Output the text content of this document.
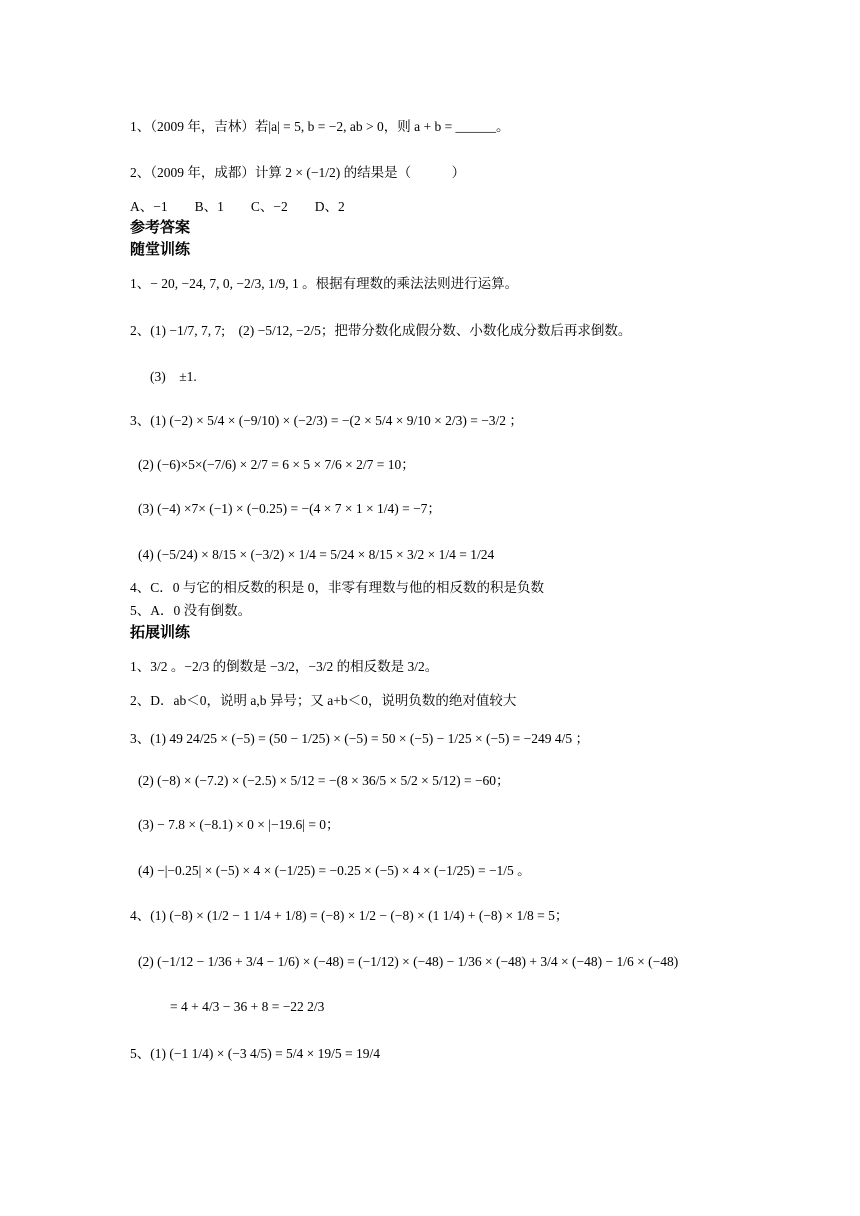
1、（2009 年，吉林）若|a| = 5, b = −2, ab > 0，则 a + b = ______。
2、（2009 年，成都）计算 2 × (−1/2) 的结果是（　　　）
A、−1　　B、1　　C、−2　　D、2
参考答案
随堂训练
1、− 20, −24, 7, 0, −2/3, 1/9, 1 。根据有理数的乘法法则进行运算。
2、(1) −1/7, 7, 7;　(2) −5/12, −2/5；把带分数化成假分数、小数化成分数后再求倒数。
(3)　±1.
3、(1) (−2) × 5/4 × (−9/10) × (−2/3) = −(2 × 5/4 × 9/10 × 2/3) = −3/2 ；
(2) (−6)×5×(−7/6) × 2/7 = 6 × 5 × 7/6 × 2/7 = 10；
(3) (−4) ×7× (−1) × (−0.25) = −(4 × 7 × 1 × 1/4) = −7；
(4) (−5/24) × 8/15 × (−3/2) × 1/4 = 5/24 × 8/15 × 3/2 × 1/4 = 1/24
4、C．0 与它的相反数的积是 0，非零有理数与他的相反数的积是负数
5、A．0 没有倒数。
拓展训练
1、3/2 。−2/3 的倒数是 −3/2，−3/2 的相反数是 3/2。
2、D．ab＜0，说明 a,b 异号；又 a+b＜0，说明负数的绝对值较大
3、(1) 49 24/25 × (−5) = (50 − 1/25) × (−5) = 50 × (−5) − 1/25 × (−5) = −249 4/5 ；
(2) (−8) × (−7.2) × (−2.5) × 5/12 = −(8 × 36/5 × 5/2 × 5/12) = −60；
(3) − 7.8 × (−8.1) × 0 × |−19.6| = 0；
(4) −|−0.25| × (−5) × 4 × (−1/25) = −0.25 × (−5) × 4 × (−1/25) = −1/5 。
4、(1) (−8) × (1/2 − 1 1/4 + 1/8) = (−8) × 1/2 − (−8) × (1 1/4) + (−8) × 1/8 = 5；
(2) (−1/12 − 1/36 + 3/4 − 1/6) × (−48) = (−1/12) × (−48) − 1/36 × (−48) + 3/4 × (−48) − 1/6 × (−48)
= 4 + 4/3 − 36 + 8 = −22 2/3
5、(1) (−1 1/4) × (−3 4/5) = 5/4 × 19/5 = 19/4
